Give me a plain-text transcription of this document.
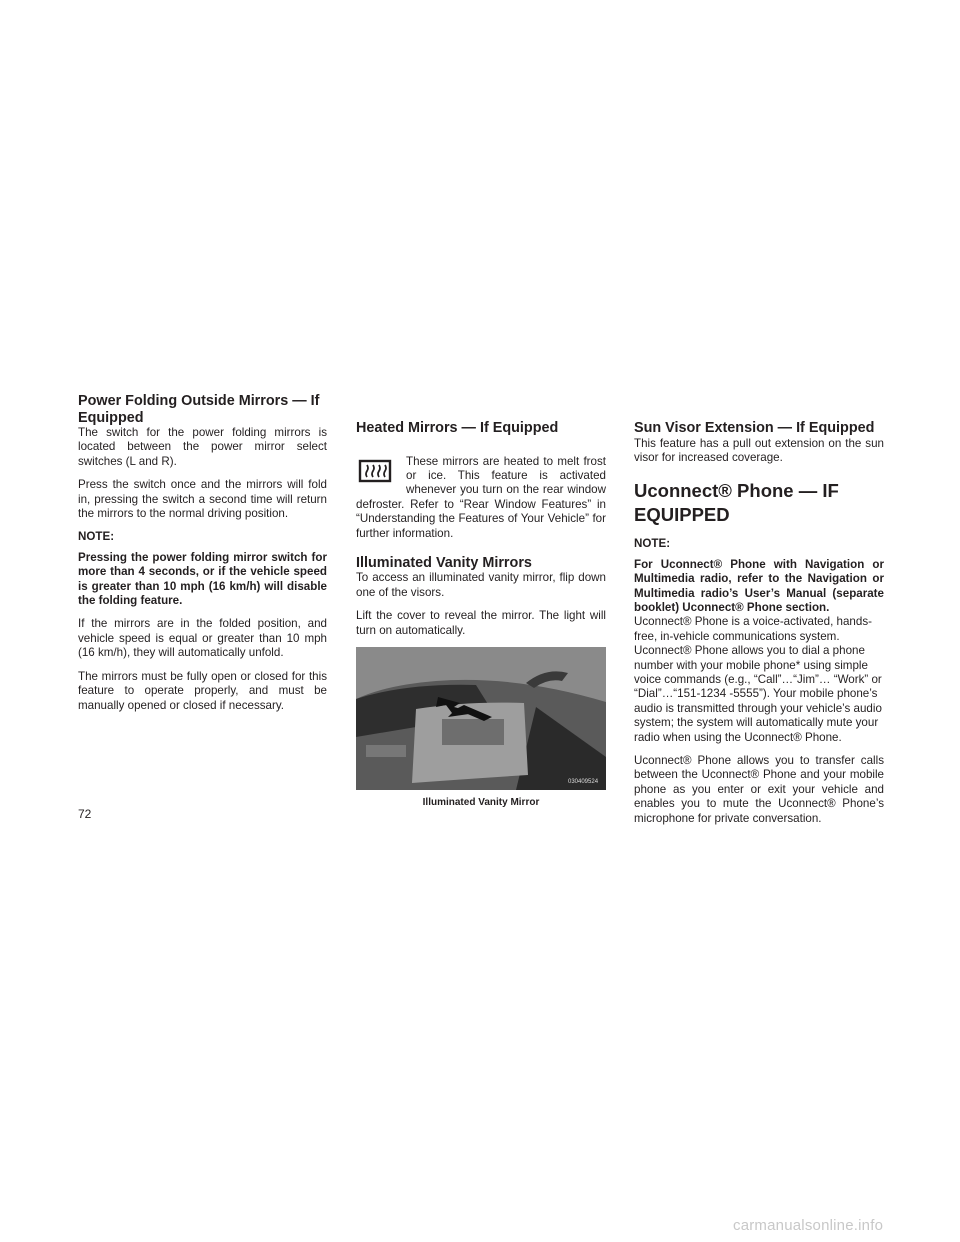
Power Folding Outside Mirrors — If Equipped

The switch for the power folding mirrors is located between the power mirror select switches (L and R).

Press the switch once and the mirrors will fold in, pressing the switch a second time will return the mirrors to the normal driving position.

NOTE:

Pressing the power folding mirror switch for more than 4 seconds, or if the vehicle speed is greater than 10 mph (16 km/h) will disable the folding feature.

If the mirrors are in the folded position, and vehicle speed is equal or greater than 10 mph (16 km/h), they will automatically unfold.

The mirrors must be fully open or closed for this feature to operate properly, and must be manually opened or closed if necessary.

Heated Mirrors — If Equipped

These mirrors are heated to melt frost or ice. This feature is activated whenever you turn on the rear window defroster. Refer to “Rear Window Features” in “Understanding the Features of Your Vehicle” for further information.

Illuminated Vanity Mirrors

To access an illuminated vanity mirror, flip down one of the visors.

Lift the cover to reveal the mirror. The light will turn on automatically.

030409524
Illuminated Vanity Mirror
Sun Visor Extension — If Equipped

This feature has a pull out extension on the sun visor for increased coverage.

Uconnect® Phone — IF EQUIPPED

NOTE:

For Uconnect® Phone with Navigation or Multimedia radio, refer to the Navigation or Multimedia radio’s User’s Manual (separate booklet) Uconnect® Phone section.

Uconnect® Phone is a voice-activated, hands-free, in-vehicle communications system. Uconnect® Phone allows you to dial a phone number with your mobile phone* using simple voice commands (e.g., “Call”…“Jim”… “Work” or “Dial”…“151-1234 -5555”). Your mobile phone’s audio is transmitted through your vehicle’s audio system; the system will automatically mute your radio when using the Uconnect® Phone.

Uconnect® Phone allows you to transfer calls between the Uconnect® Phone and your mobile phone as you enter or exit your vehicle and enables you to mute the Uconnect® Phone’s microphone for private conversation.

72
carmanualsonline.info
